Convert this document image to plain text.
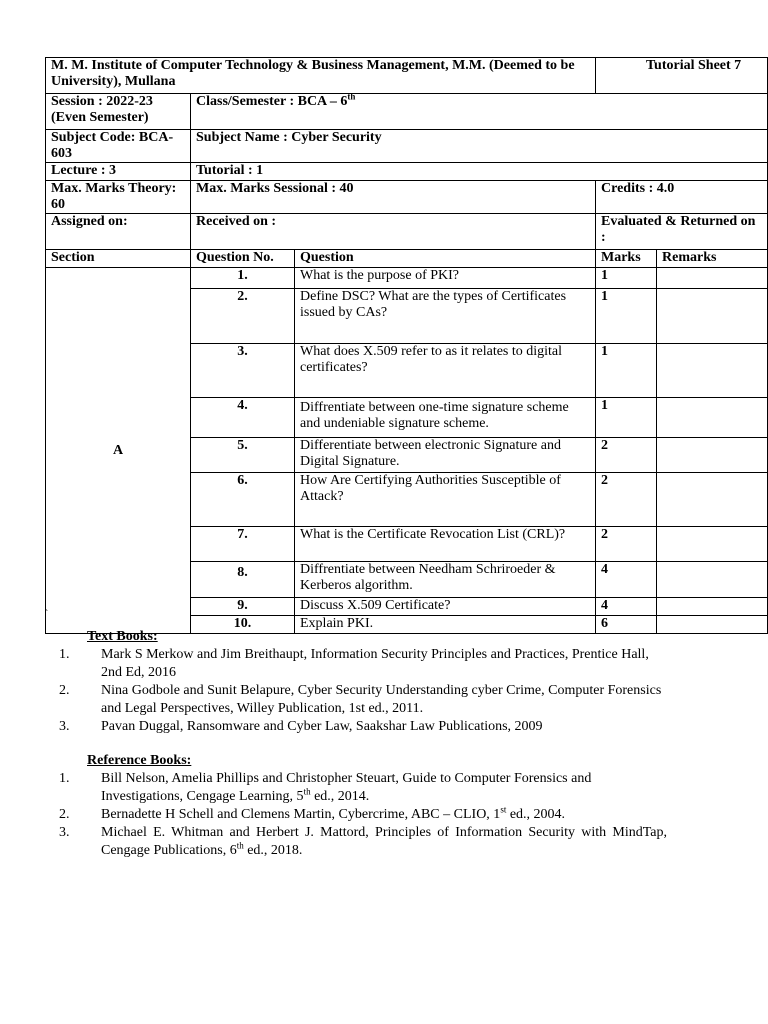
M. M. Institute of Computer Technology & Business Management, M.M. (Deemed to be University), Mullana			Tutorial Sheet 7	
Session : 2022-23 (Even Semester)	Class/Semester : BCA – 6th
Subject Code: BCA-603	Subject Name : Cyber Security			
Lecture : 3	Tutorial : 1			
Max. Marks Theory: 60	Max. Marks Sessional : 40		Credits : 4.0	
Assigned on:	Received on :		Evaluated & Returned on :	
Section	Question No.	Question	Marks	Remarks
A	1.	What is the purpose of PKI?	1	
	2.	Define DSC? What are the types of Certificates issued by CAs?	1	
	3.	What does X.509 refer to as it relates to digital certificates?	1	
	4.	Diffrentiate between one-time signature scheme and undeniable signature scheme.	1	
	5.	Differentiate between electronic Signature and Digital Signature.	2	
	6.	How Are Certifying Authorities Susceptible of Attack?	2	
	7.	What is the Certificate Revocation List (CRL)?	2	
	8.	Diffrentiate between Needham Schriroeder & Kerberos algorithm.	4	
	9.	Discuss X.509 Certificate?	4	
	10.	Explain PKI.	6	
`
Text Books:
1.	Mark S Merkow and Jim Breithaupt, Information Security Principles and Practices, Prentice Hall, 2nd Ed, 2016
2.	Nina Godbole and Sunit Belapure, Cyber Security Understanding cyber Crime, Computer Forensics and Legal Perspectives, Willey Publication, 1st ed., 2011.
3.	Pavan Duggal, Ransomware and Cyber Law, Saakshar Law Publications, 2009
Reference Books:
1.	Bill Nelson, Amelia Phillips and Christopher Steuart, Guide to Computer Forensics and Investigations, Cengage Learning, 5th ed., 2014.
2.	Bernadette H Schell and Clemens Martin, Cybercrime, ABC – CLIO, 1st ed., 2004.
3.	Michael E. Whitman and Herbert J. Mattord, Principles of Information Security with MindTap, Cengage Publications, 6th ed., 2018.
